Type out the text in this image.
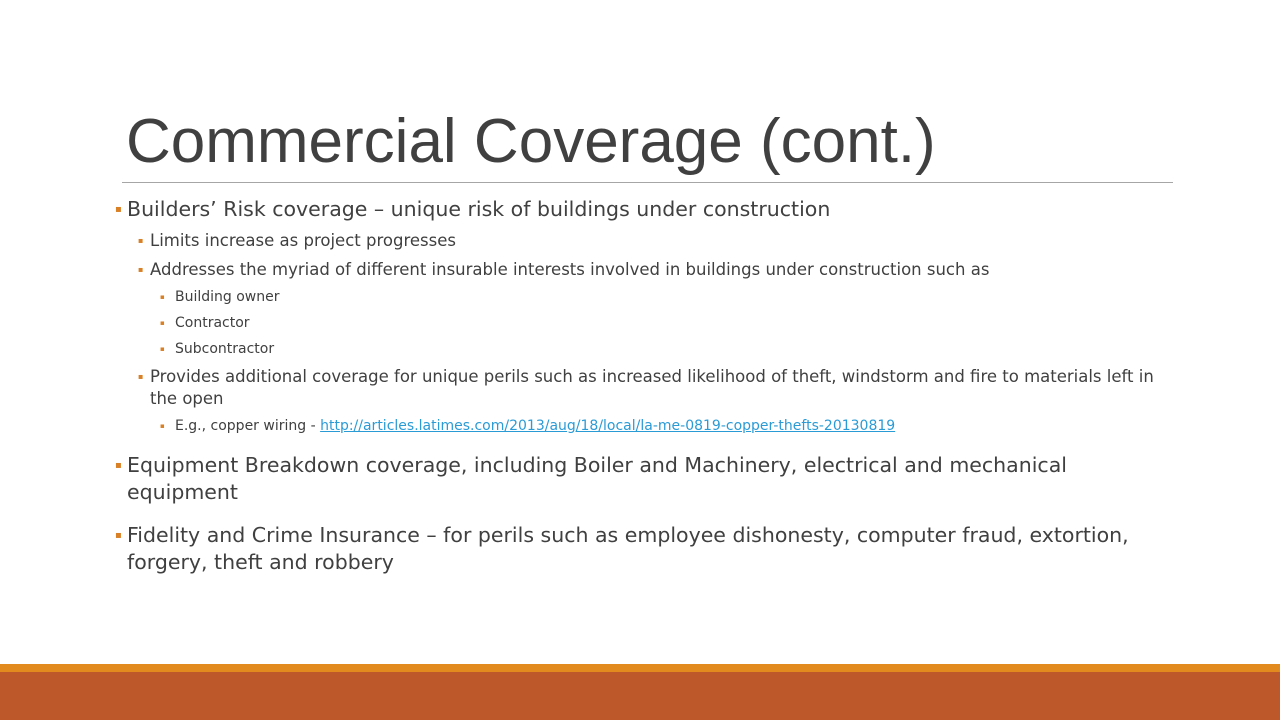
Commercial Coverage (cont.)
▪ Builders’ Risk coverage – unique risk of buildings under construction
▪ Limits increase as project progresses
▪ Addresses the myriad of different insurable interests involved in buildings under construction such as
▪ Building owner
▪ Contractor
▪ Subcontractor
▪ Provides additional coverage for unique perils such as increased likelihood of theft, windstorm and fire to materials left in the open
▪ E.g., copper wiring - http://articles.latimes.com/2013/aug/18/local/la-me-0819-copper-thefts-20130819
▪ Equipment Breakdown coverage, including Boiler and Machinery, electrical and mechanical equipment
▪ Fidelity and Crime Insurance – for perils such as employee dishonesty, computer fraud, extortion, forgery, theft and robbery
